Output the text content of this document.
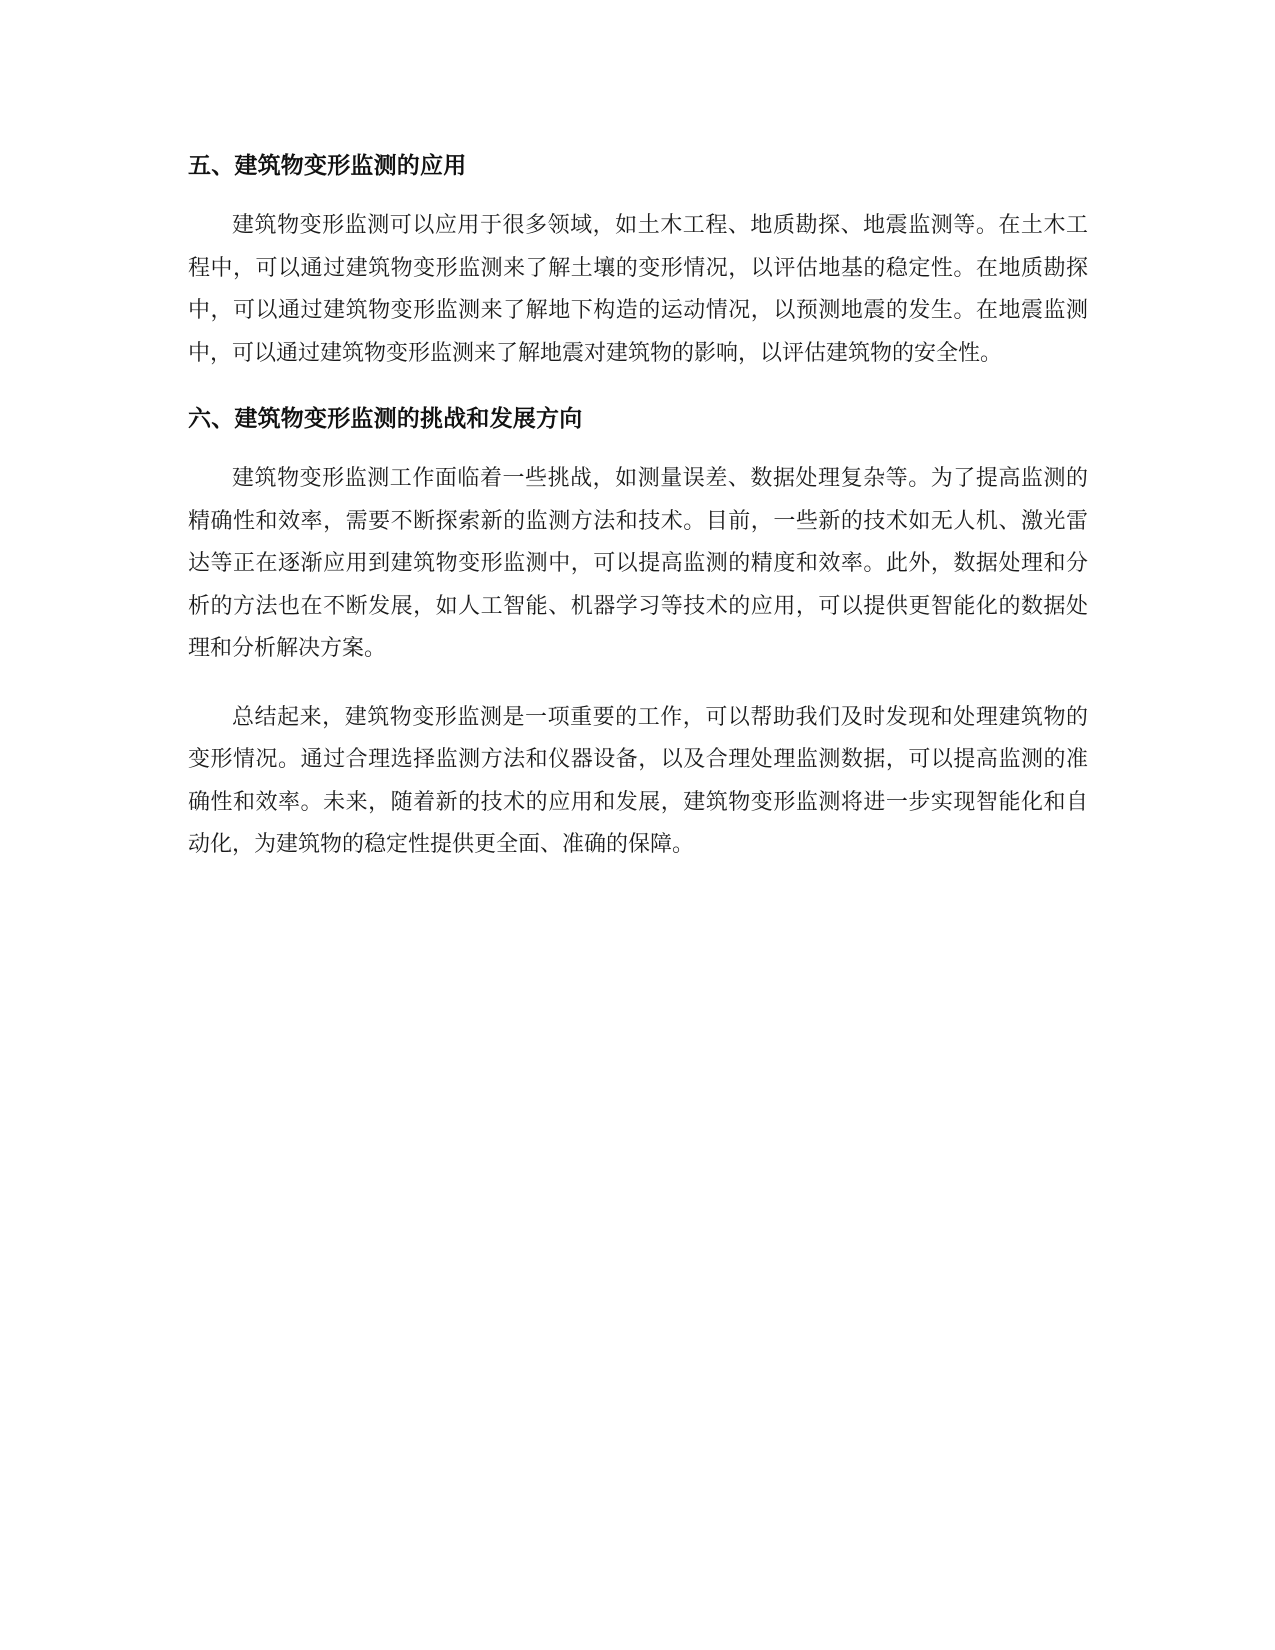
五、建筑物变形监测的应用

建筑物变形监测可以应用于很多领域，如土木工程、地质勘探、地震监测等。在土木工程中，可以通过建筑物变形监测来了解土壤的变形情况，以评估地基的稳定性。在地质勘探中，可以通过建筑物变形监测来了解地下构造的运动情况，以预测地震的发生。在地震监测中，可以通过建筑物变形监测来了解地震对建筑物的影响，以评估建筑物的安全性。

六、建筑物变形监测的挑战和发展方向

建筑物变形监测工作面临着一些挑战，如测量误差、数据处理复杂等。为了提高监测的精确性和效率，需要不断探索新的监测方法和技术。目前，一些新的技术如无人机、激光雷达等正在逐渐应用到建筑物变形监测中，可以提高监测的精度和效率。此外，数据处理和分析的方法也在不断发展，如人工智能、机器学习等技术的应用，可以提供更智能化的数据处理和分析解决方案。

总结起来，建筑物变形监测是一项重要的工作，可以帮助我们及时发现和处理建筑物的变形情况。通过合理选择监测方法和仪器设备，以及合理处理监测数据，可以提高监测的准确性和效率。未来，随着新的技术的应用和发展，建筑物变形监测将进一步实现智能化和自动化，为建筑物的稳定性提供更全面、准确的保障。
